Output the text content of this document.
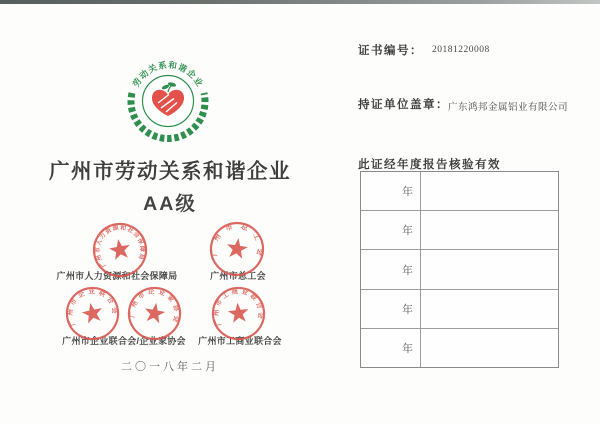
劳动关系和谐企业
广州市劳动关系和谐企业
AA级
广州市人力资源和社会保障局	广州市总工会
广州市企业联合会/企业家协会	广州市工商业联合会
广州市人力资源和社会保障局
广州市总工会
广州市企业联合会	广州市企业家协会	广州市工商业联合会
二〇一八年二月
证书编号： 20181220008
持证单位盖章： 广东鸿邦金属铝业有限公司
此证经年度报告核验有效
年
年
年
年
年
